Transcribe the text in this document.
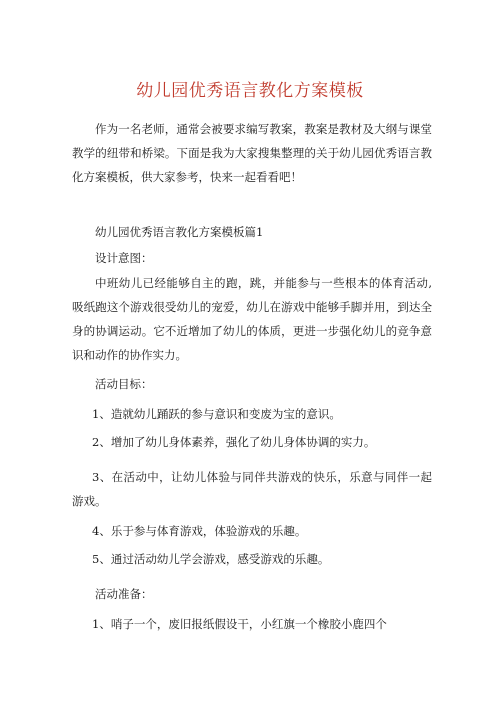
幼儿园优秀语言教化方案模板
作为一名老师，通常会被要求编写教案，教案是教材及大纲与课堂教学的纽带和桥梁。下面是我为大家搜集整理的关于幼儿园优秀语言教化方案模板，供大家参考，快来一起看看吧！
幼儿园优秀语言教化方案模板篇1
设计意图：
中班幼儿已经能够自主的跑，跳，并能参与一些根本的体育活动,吸纸跑这个游戏很受幼儿的宠爱，幼儿在游戏中能够手脚并用，到达全身的协调运动。它不近增加了幼儿的体质，更进一步强化幼儿的竞争意识和动作的协作实力。
活动目标：
1、造就幼儿踊跃的参与意识和变废为宝的意识。
2、增加了幼儿身体素养，强化了幼儿身体协调的实力。
3、在活动中，让幼儿体验与同伴共游戏的快乐，乐意与同伴一起游戏。
4、乐于参与体育游戏，体验游戏的乐趣。
5、通过活动幼儿学会游戏，感受游戏的乐趣。
活动准备：
1、哨子一个，废旧报纸假设干，小红旗一个橡胶小鹿四个
